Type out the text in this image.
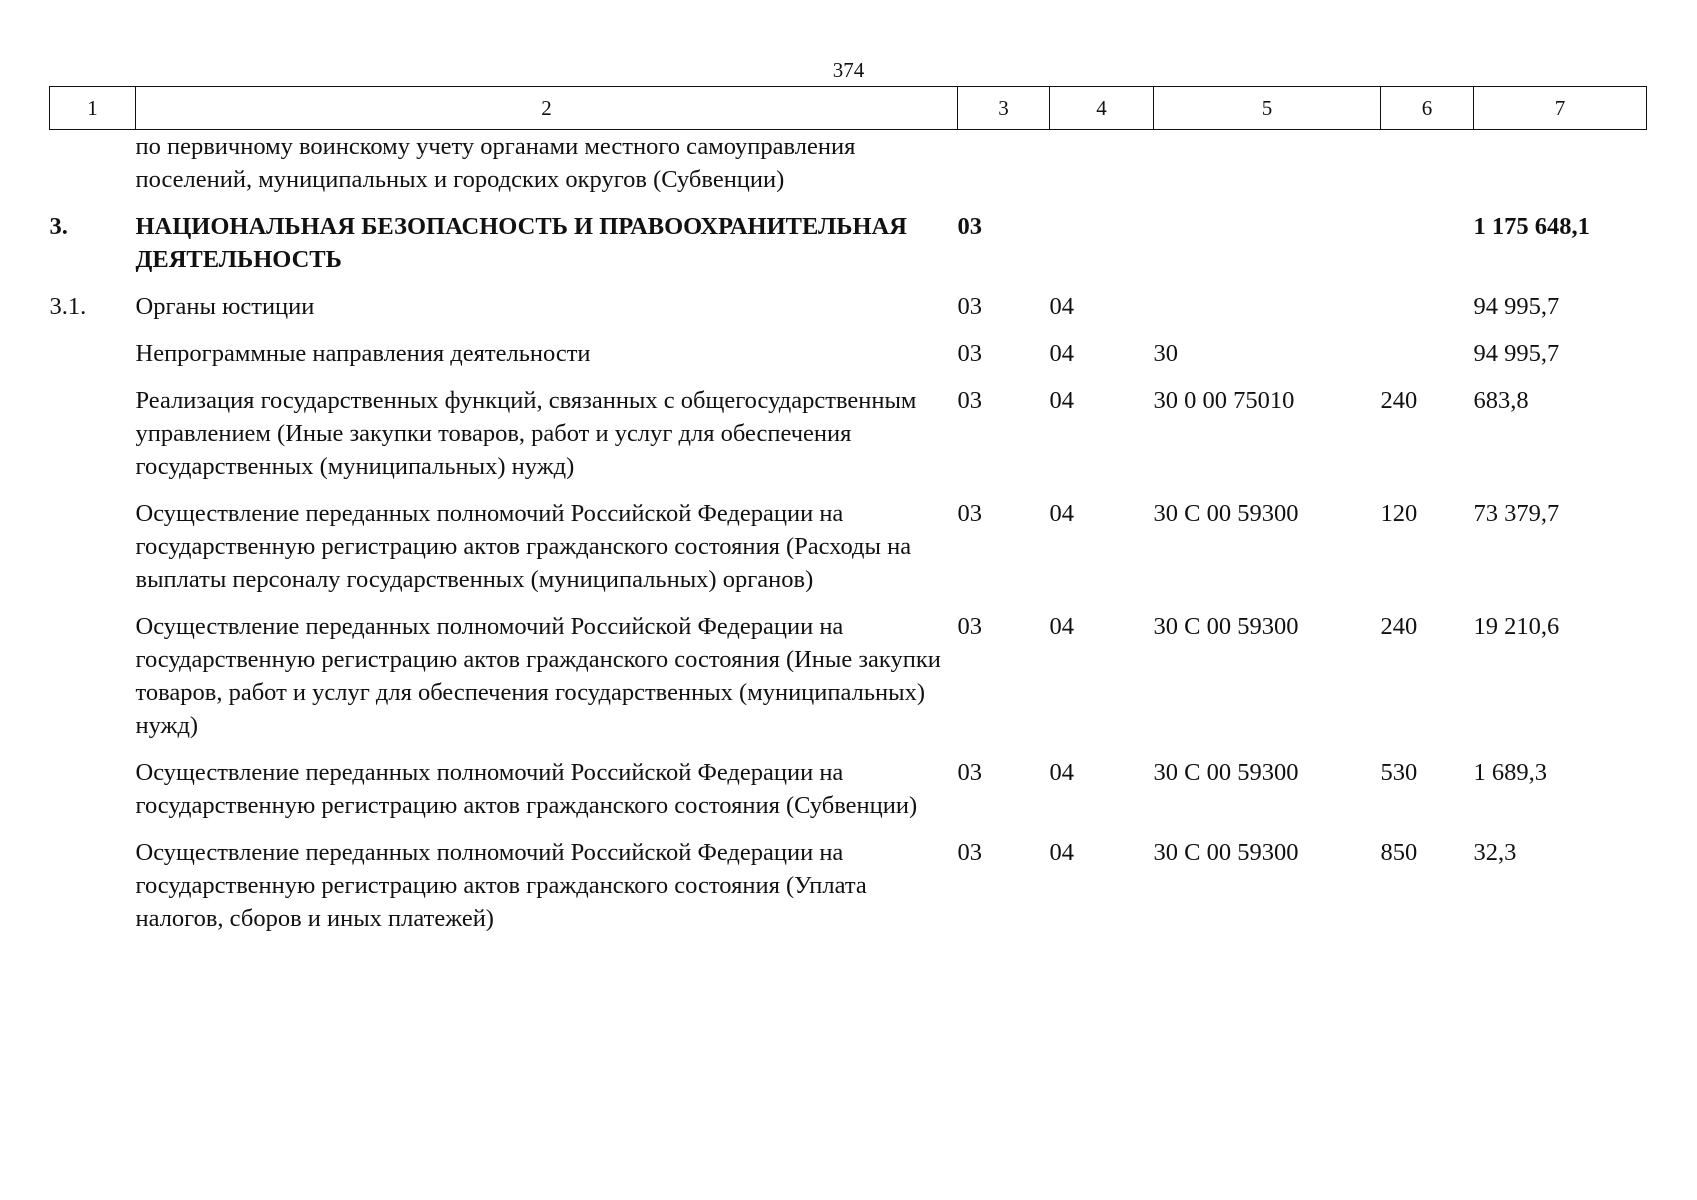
374
1	2	3	4	5	6	7
	по первичному воинскому учету органами местного самоуправления поселений, муниципальных и городских округов (Субвенции)					
3.	НАЦИОНАЛЬНАЯ БЕЗОПАСНОСТЬ И ПРАВООХРАНИТЕЛЬНАЯ ДЕЯТЕЛЬНОСТЬ	03				1 175 648,1
3.1.	Органы юстиции	03	04			94 995,7
	Непрограммные направления деятельности	03	04	30		94 995,7
	Реализация государственных функций, связанных с общегосударственным управлением (Иные закупки товаров, работ и услуг для обеспечения государственных (муниципальных) нужд)	03	04	30 0 00 75010	240	683,8
	Осуществление переданных полномочий Российской Федерации на государственную регистрацию актов гражданского состояния (Расходы на выплаты персоналу государственных (муниципальных) органов)	03	04	30 С 00 59300	120	73 379,7
	Осуществление переданных полномочий Российской Федерации на государственную регистрацию актов гражданского состояния (Иные закупки товаров, работ и услуг для обеспечения государственных (муниципальных) нужд)	03	04	30 С 00 59300	240	19 210,6
	Осуществление переданных полномочий Российской Федерации на государственную регистрацию актов гражданского состояния (Субвенции)	03	04	30 С 00 59300	530	1 689,3
	Осуществление переданных полномочий Российской Федерации на государственную регистрацию актов гражданского состояния (Уплата налогов, сборов и иных платежей)	03	04	30 С 00 59300	850	32,3
